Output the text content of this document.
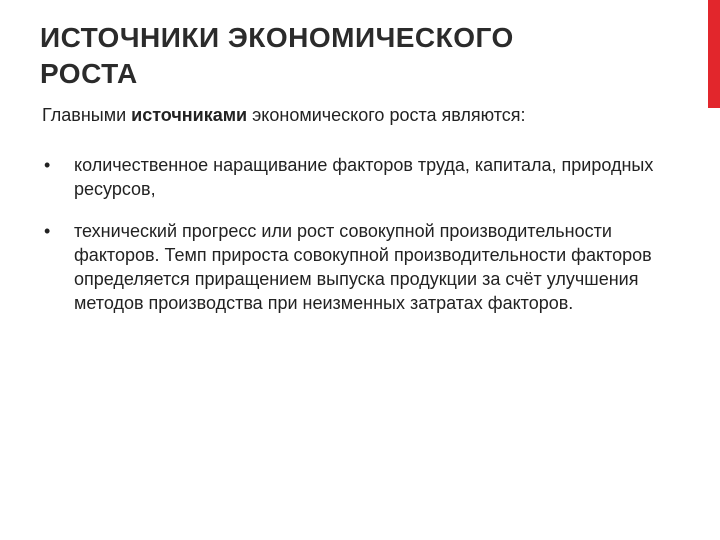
ИСТОЧНИКИ ЭКОНОМИЧЕСКОГО
РОСТА

Главными источниками экономического роста являются:

• количественное наращивание факторов труда, капитала, природных ресурсов,
• технический прогресс или рост совокупной производительности факторов. Темп прироста совокупной производительности факторов определяется приращением выпуска продукции за счёт улучшения методов производства при неизменных затратах факторов.
